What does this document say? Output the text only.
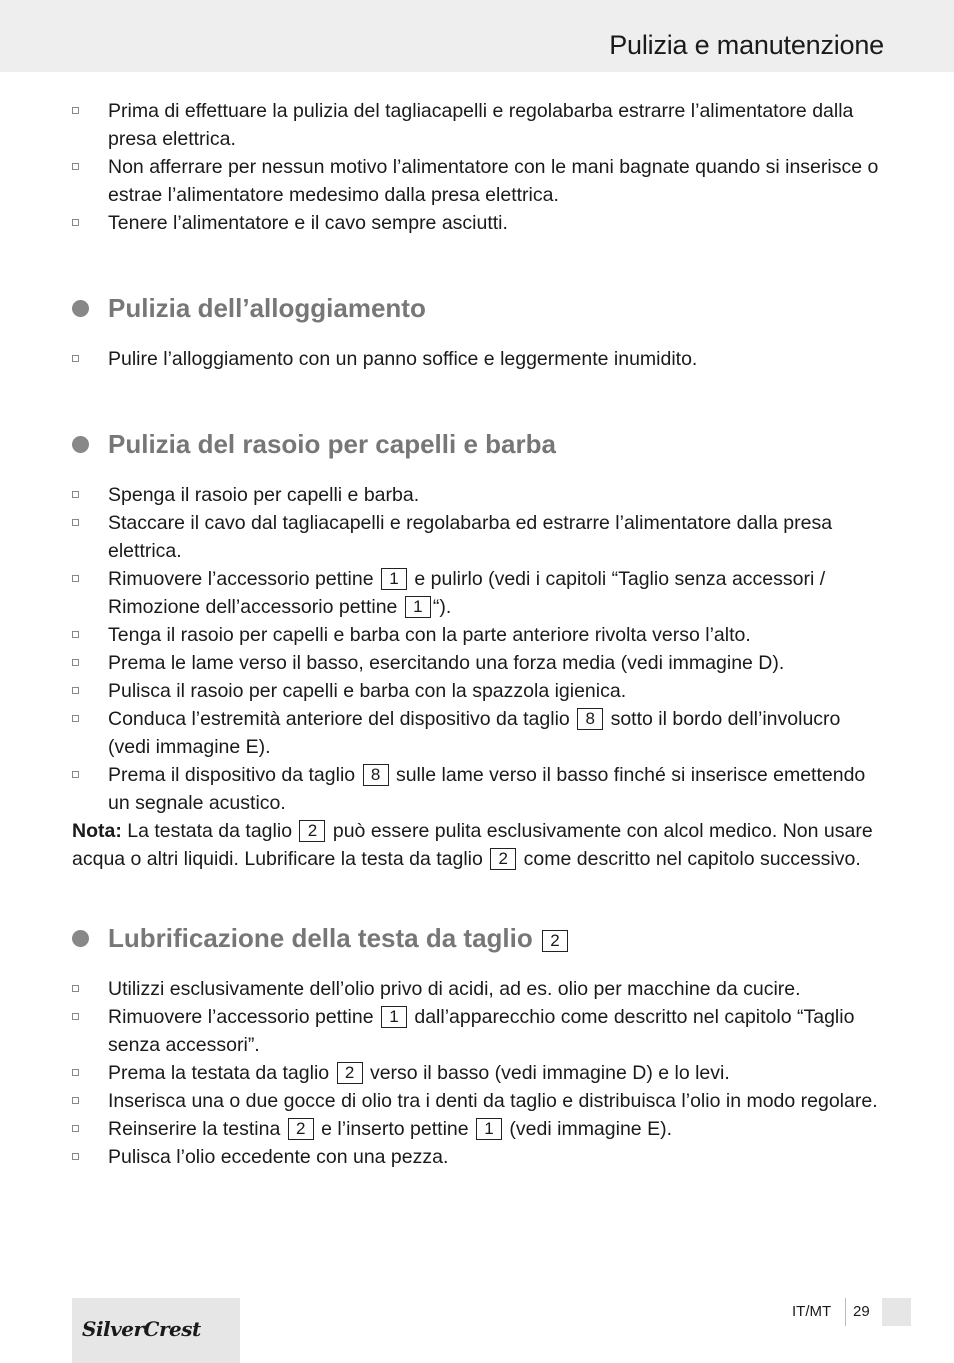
Pulizia e manutenzione
Prima di effettuare la pulizia del tagliacapelli e regolabarba estrarre l’alimentatore dalla presa elettrica.
Non afferrare per nessun motivo l’alimentatore con le mani bagnate quando si inserisce o estrae l’alimentatore medesimo dalla presa elettrica.
Tenere l’alimentatore e il cavo sempre asciutti.
Pulizia dell’alloggiamento
Pulire l’alloggiamento con un panno soffice e leggermente inumidito.
Pulizia del rasoio per capelli e barba
Spenga il rasoio per capelli e barba.
Staccare il cavo dal tagliacapelli e regolabarba ed estrarre l’alimentatore dalla presa elettrica.
Rimuovere l’accessorio pettine 1 e pulirlo (vedi i capitoli “Taglio senza accessori / Rimozione dell’accessorio pettine 1 “).
Tenga il rasoio per capelli e barba con la parte anteriore rivolta verso l’alto.
Prema le lame verso il basso, esercitando una forza media (vedi immagine D).
Pulisca il rasoio per capelli e barba con la spazzola igienica.
Conduca l’estremità anteriore del dispositivo da taglio 8 sotto il bordo dell’involucro (vedi immagine E).
Prema il dispositivo da taglio 8 sulle lame verso il basso finché si inserisce emettendo un segnale acustico.

Nota: La testata da taglio 2 può essere pulita esclusivamente con alcol medico. Non usare acqua o altri liquidi. Lubrificare la testa da taglio 2 come descritto nel capitolo successivo.

Lubrificazione della testa da taglio 2
Utilizzi esclusivamente dell’olio privo di acidi, ad es. olio per macchine da cucire.
Rimuovere l’accessorio pettine 1 dall’apparecchio come descritto nel capitolo “Taglio senza accessori”.
Prema la testata da taglio 2 verso il basso (vedi immagine D) e lo levi.
Inserisca una o due gocce di olio tra i denti da taglio e distribuisca l’olio in modo regolare.
Reinserire la testina 2 e l’inserto pettine 1 (vedi immagine E).
Pulisca l’olio eccedente con una pezza.
SilverCrest
IT/MT 29
